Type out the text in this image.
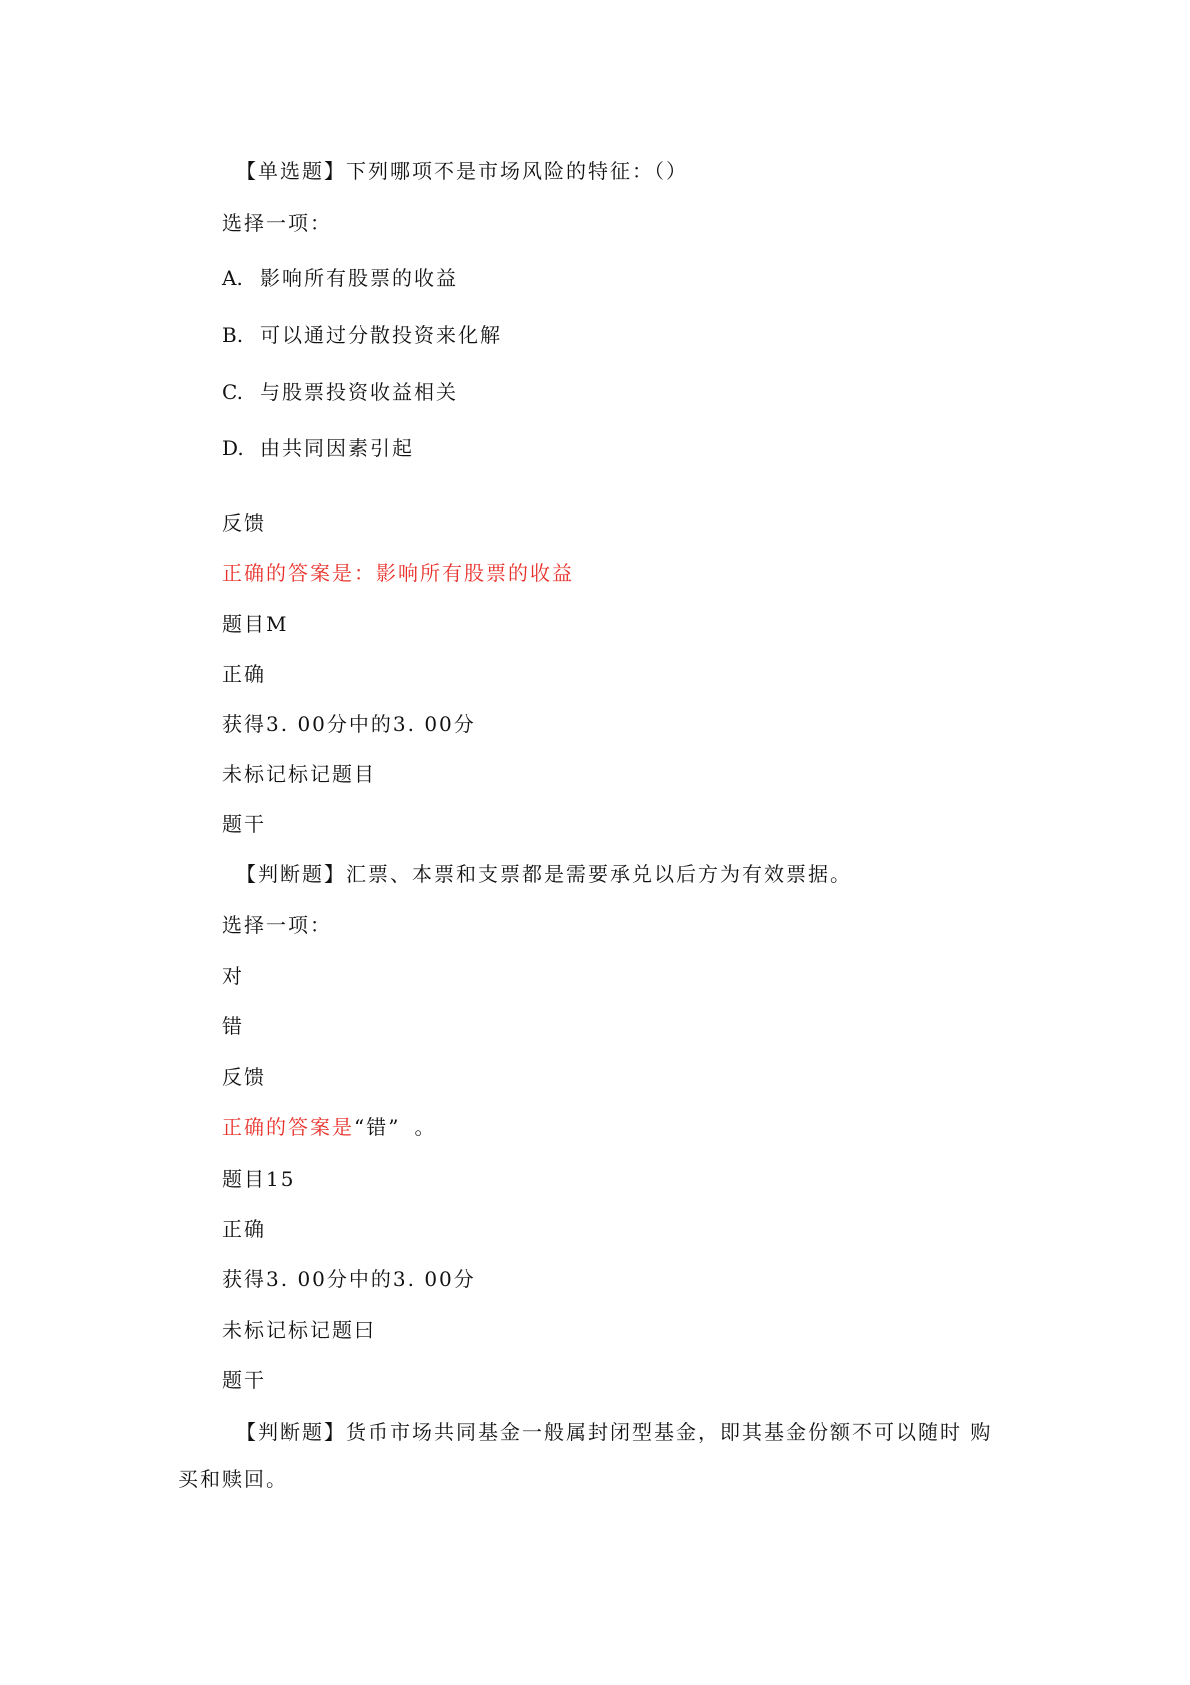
【单选题】下列哪项不是市场风险的特征：（）
选择一项：
A. 影响所有股票的收益
B. 可以通过分散投资来化解
C. 与股票投资收益相关
D. 由共同因素引起
反馈
正确的答案是：影响所有股票的收益
题目M
正确
获得3. 00分中的3. 00分
未标记标记题目
题干
【判断题】汇票、本票和支票都是需要承兑以后方为有效票据。
选择一项：
对
错
反馈
正确的答案是“错” 。
题目15
正确
获得3. 00分中的3. 00分
未标记标记题曰
题干
【判断题】货币市场共同基金一般属封闭型基金，即其基金份额不可以随时 购
买和赎回。
